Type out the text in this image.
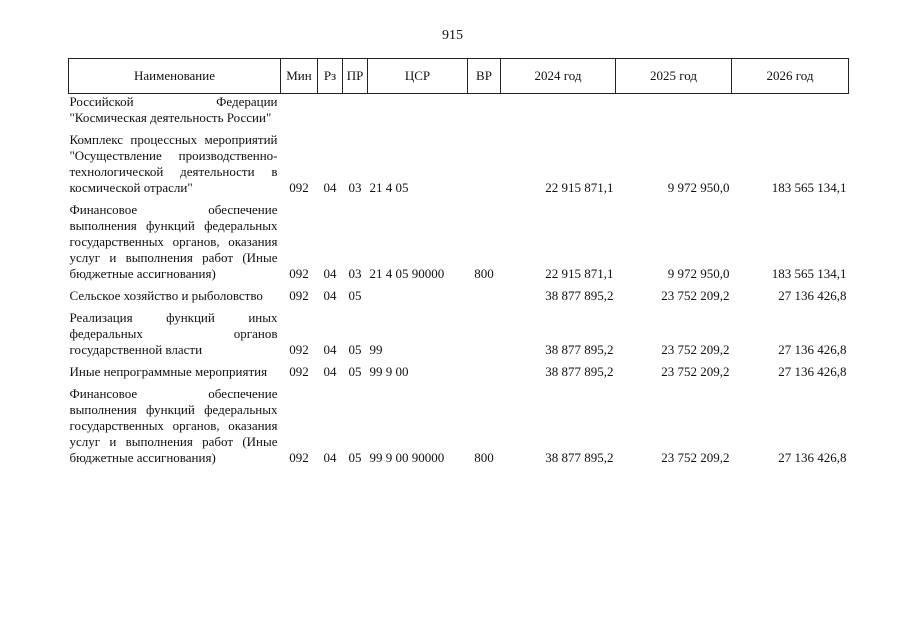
915
Наименование	Мин	Рз	ПР	ЦСР	ВР	2024 год	2025 год	2026 год
Российской Федерации "Космическая деятельность России"								

Комплекс процессных мероприятий "Осуществление производственно-технологической деятельности в космической отрасли"	092	04	03	21 4 05		22 915 871,1	9 972 950,0	183 565 134,1

Финансовое обеспечение выполнения функций федеральных государственных органов, оказания услуг и выполнения работ (Иные бюджетные ассигнования)	092	04	03	21 4 05 90000	800	22 915 871,1	9 972 950,0	183 565 134,1

Сельское хозяйство и рыболовство	092	04	05			38 877 895,2	23 752 209,2	27 136 426,8

Реализация функций иных федеральных органов государственной власти	092	04	05	99		38 877 895,2	23 752 209,2	27 136 426,8

Иные непрограммные мероприятия	092	04	05	99 9 00		38 877 895,2	23 752 209,2	27 136 426,8

Финансовое обеспечение выполнения функций федеральных государственных органов, оказания услуг и выполнения работ (Иные бюджетные ассигнования)	092	04	05	99 9 00 90000	800	38 877 895,2	23 752 209,2	27 136 426,8
